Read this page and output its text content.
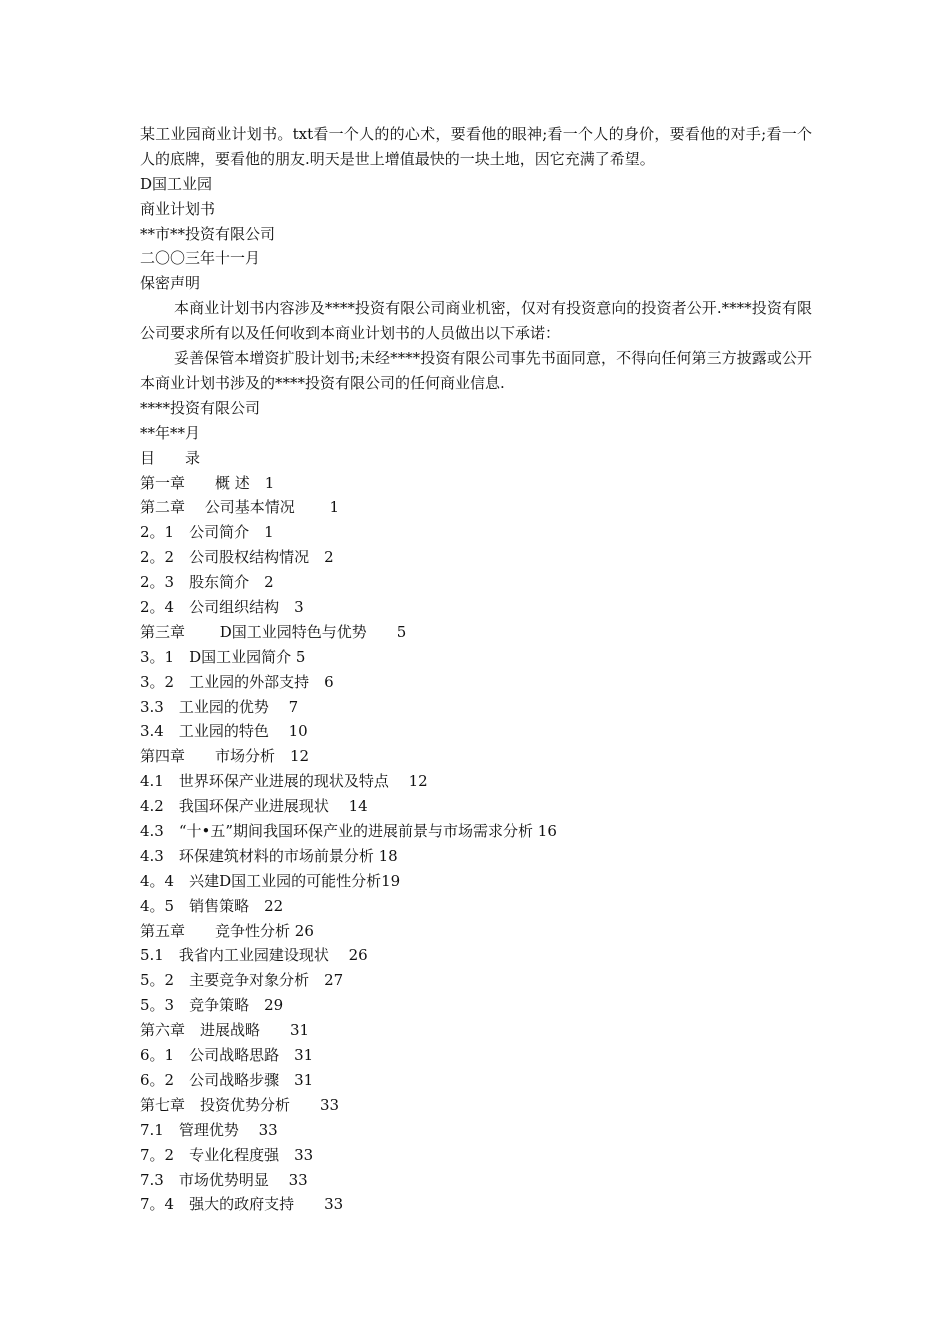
某工业园商业计划书。txt看一个人的的心术，要看他的眼神;看一个人的身价，要看他的对手;看一个人的底牌，要看他的朋友.明天是世上增值最快的一块土地，因它充满了希望。
D国工业园
商业计划书
**市**投资有限公司
二〇〇三年十一月
保密声明
本商业计划书内容涉及****投资有限公司商业机密，仅对有投资意向的投资者公开.****投资有限公司要求所有以及任何收到本商业计划书的人员做出以下承诺：
妥善保管本增资扩股计划书;未经****投资有限公司事先书面同意，不得向任何第三方披露或公开本商业计划书涉及的****投资有限公司的任何商业信息.
****投资有限公司
**年**月
目　　录
第一章　　概 述　1
第二章　 公司基本情况　　 1
2。1　公司简介　1
2。2　公司股权结构情况　2
2。3　股东简介　2
2。4　公司组织结构　3
第三章　 　D国工业园特色与优势　　5
3。1　D国工业园简介 5
3。2　工业园的外部支持　6
3.3　工业园的优势　 7
3.4　工业园的特色　 10
第四章　　市场分析　12
4.1　世界环保产业进展的现状及特点　 12
4.2　我国环保产业进展现状　 14
4.3　“十•五”期间我国环保产业的进展前景与市场需求分析 16
4.3　环保建筑材料的市场前景分析 18
4。4　兴建D国工业园的可能性分析19
4。5　销售策略　22
第五章　　竞争性分析 26
5.1　我省内工业园建设现状　 26
5。2　主要竞争对象分析　27
5。3　竞争策略　29
第六章　进展战略　　31
6。1　公司战略思路　31
6。2　公司战略步骤　31
第七章　投资优势分析　　33
7.1　管理优势　 33
7。2　专业化程度强　33
7.3　市场优势明显　 33
7。4　强大的政府支持　　33
